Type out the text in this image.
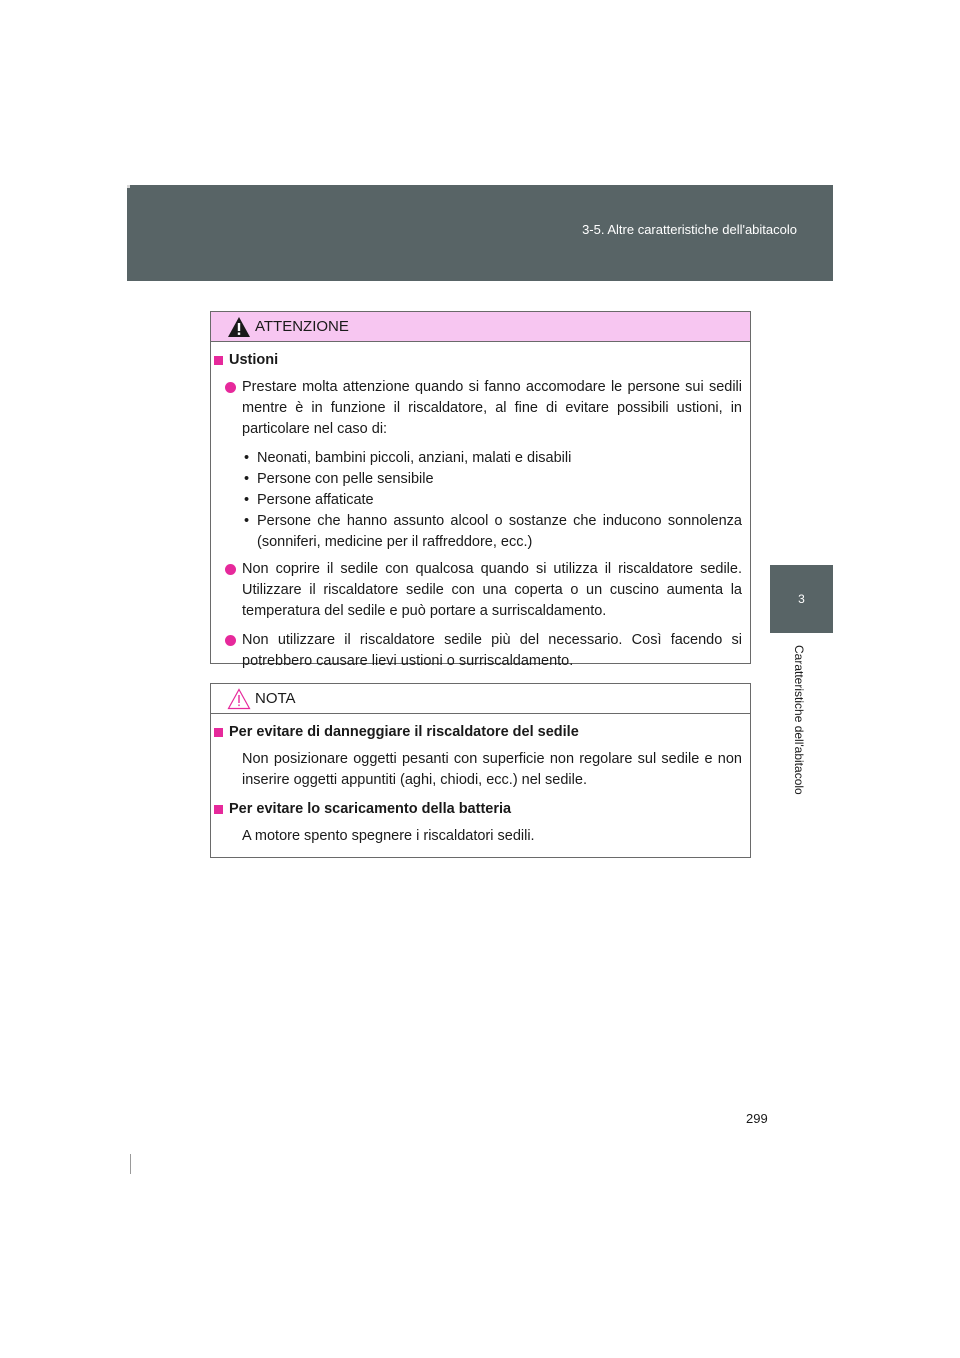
3-5. Altre caratteristiche dell'abitacolo
3
Caratteristiche dell'abitacolo
ATTENZIONE
Ustioni
Prestare molta attenzione quando si fanno accomodare le persone sui sedili mentre è in funzione il riscaldatore, al fine di evitare possibili ustioni, in particolare nel caso di:
• Neonati, bambini piccoli, anziani, malati e disabili
• Persone con pelle sensibile
• Persone affaticate
• Persone che hanno assunto alcool o sostanze che inducono sonnolenza (sonniferi, medicine per il raffreddore, ecc.)
Non coprire il sedile con qualcosa quando si utilizza il riscaldatore sedile. Utilizzare il riscaldatore sedile con una coperta o un cuscino aumenta la temperatura del sedile e può portare a surriscaldamento.
Non utilizzare il riscaldatore sedile più del necessario. Così facendo si potrebbero causare lievi ustioni o surriscaldamento.
NOTA
Per evitare di danneggiare il riscaldatore del sedile
Non posizionare oggetti pesanti con superficie non regolare sul sedile e non inserire oggetti appuntiti (aghi, chiodi, ecc.) nel sedile.
Per evitare lo scaricamento della batteria
A motore spento spegnere i riscaldatori sedili.
299
